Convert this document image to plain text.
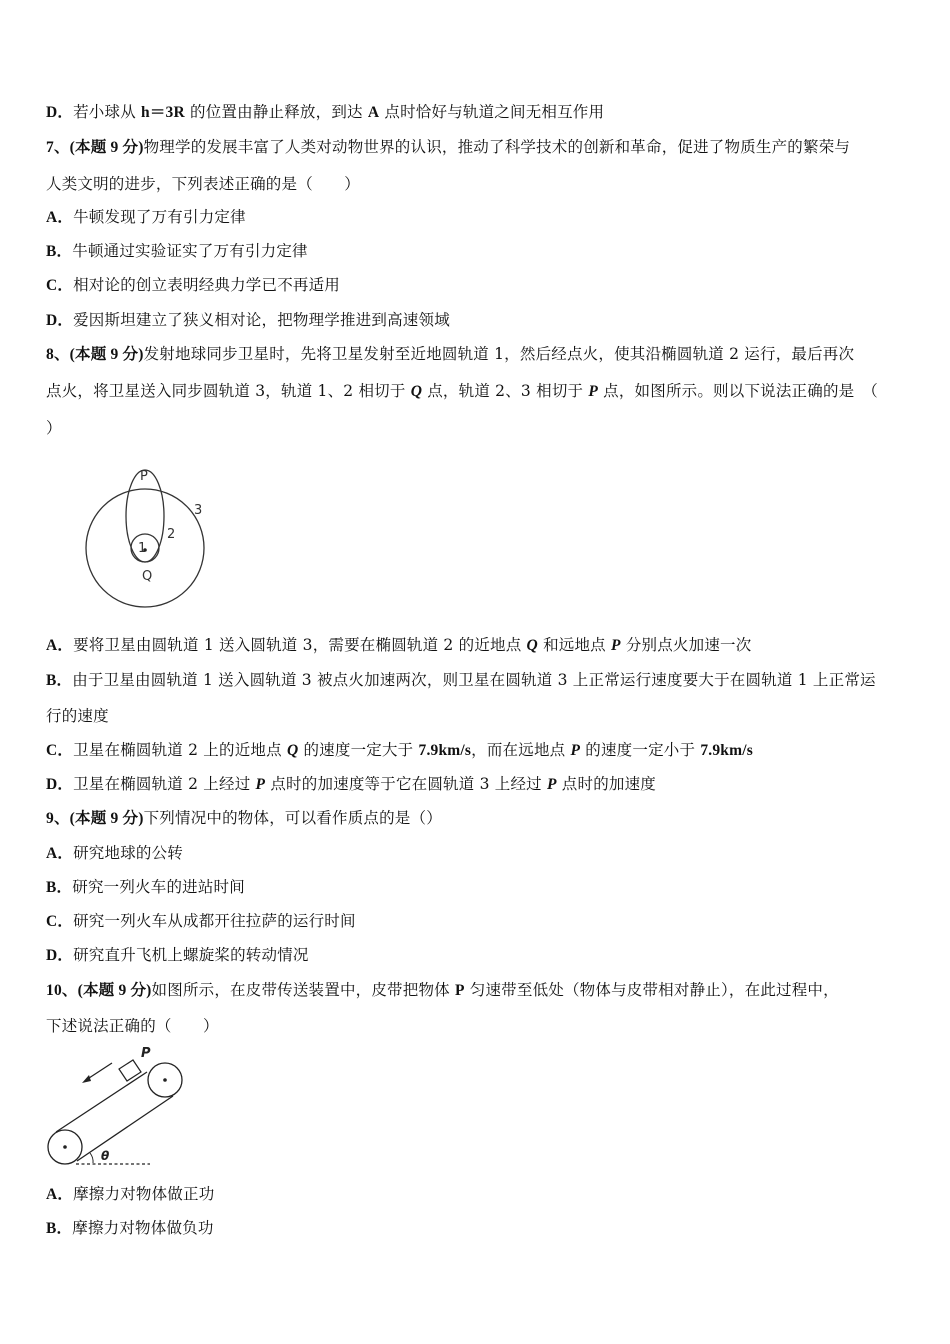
D．若小球从 h＝3R 的位置由静止释放，到达 A 点时恰好与轨道之间无相互作用
7、(本题 9 分)物理学的发展丰富了人类对动物世界的认识，推动了科学技术的创新和革命，促进了物质生产的繁荣与
人类文明的进步，下列表述正确的是（　　）
A．牛顿发现了万有引力定律
B．牛顿通过实验证实了万有引力定律
C．相对论的创立表明经典力学已不再适用
D．爱因斯坦建立了狭义相对论，把物理学推进到高速领域
8、(本题 9 分)发射地球同步卫星时，先将卫星发射至近地圆轨道 1，然后经点火，使其沿椭圆轨道 2 运行，最后再次
点火，将卫星送入同步圆轨道 3，轨道 1、2 相切于 Q 点，轨道 2、3 相切于 P 点，如图所示。则以下说法正确的是　（
）
P
Q
1
2
3
A．要将卫星由圆轨道 1 送入圆轨道 3，需要在椭圆轨道 2 的近地点 Q 和远地点 P 分别点火加速一次
B．由于卫星由圆轨道 1 送入圆轨道 3 被点火加速两次，则卫星在圆轨道 3 上正常运行速度要大于在圆轨道 1 上正常运
行的速度
C．卫星在椭圆轨道 2 上的近地点 Q 的速度一定大于 7.9km/s，而在远地点 P 的速度一定小于 7.9km/s
D．卫星在椭圆轨道 2 上经过 P 点时的加速度等于它在圆轨道 3 上经过 P 点时的加速度
9、(本题 9 分)下列情况中的物体，可以看作质点的是（）
A．研究地球的公转
B．研究一列火车的进站时间
C．研究一列火车从成都开往拉萨的运行时间
D．研究直升飞机上螺旋桨的转动情况
10、(本题 9 分)如图所示，在皮带传送装置中，皮带把物体 P 匀速带至低处（物体与皮带相对静止），在此过程中，
下述说法正确的（　　）
P
θ
A．摩擦力对物体做正功
B．摩擦力对物体做负功
